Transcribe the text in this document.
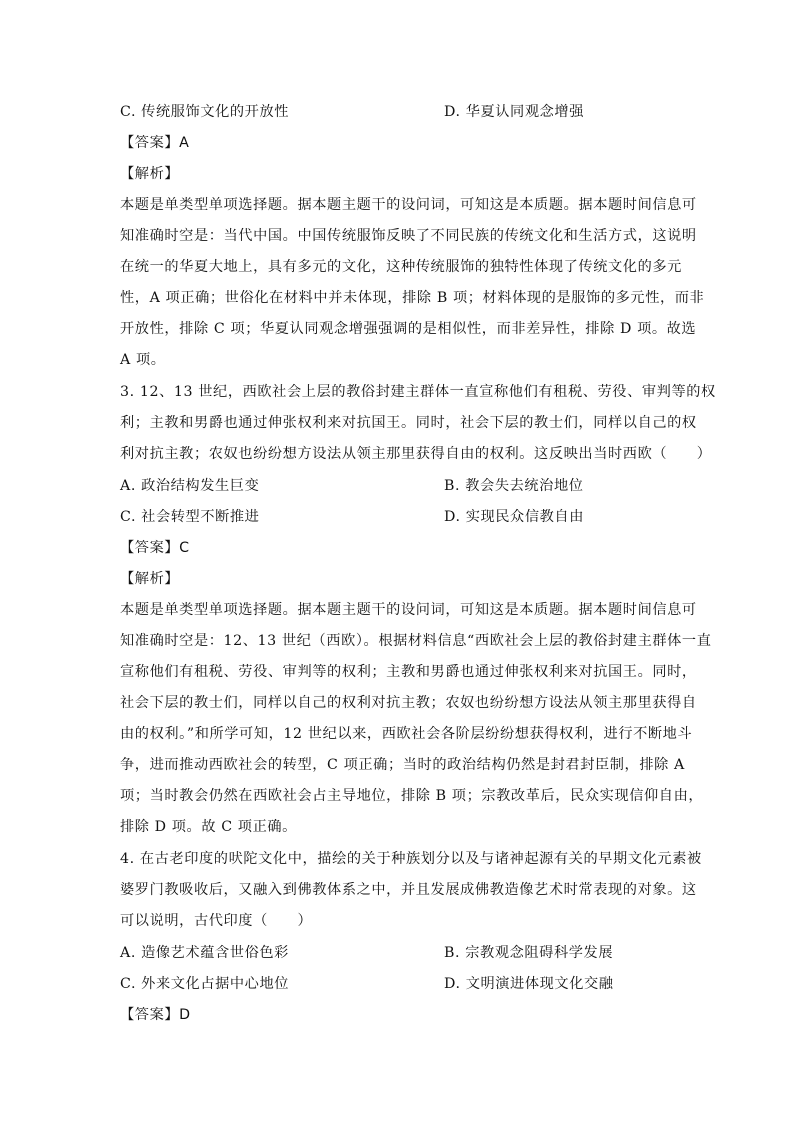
C. 传统服饰文化的开放性	D. 华夏认同观念增强
【答案】A
【解析】
本题是单类型单项选择题。据本题主题干的设问词，可知这是本质题。据本题时间信息可
知准确时空是：当代中国。中国传统服饰反映了不同民族的传统文化和生活方式，这说明
在统一的华夏大地上，具有多元的文化，这种传统服饰的独特性体现了传统文化的多元
性，A 项正确；世俗化在材料中并未体现，排除 B 项；材料体现的是服饰的多元性，而非
开放性，排除 C 项；华夏认同观念增强强调的是相似性，而非差异性，排除 D 项。故选
A 项。
3. 12、13 世纪，西欧社会上层的教俗封建主群体一直宣称他们有租税、劳役、审判等的权
利；主教和男爵也通过伸张权利来对抗国王。同时，社会下层的教士们，同样以自己的权
利对抗主教；农奴也纷纷想方设法从领主那里获得自由的权利。这反映出当时西欧（　　）
A. 政治结构发生巨变	B. 教会失去统治地位
C. 社会转型不断推进	D. 实现民众信教自由
【答案】C
【解析】
本题是单类型单项选择题。据本题主题干的设问词，可知这是本质题。据本题时间信息可
知准确时空是：12、13 世纪（西欧）。根据材料信息“西欧社会上层的教俗封建主群体一直
宣称他们有租税、劳役、审判等的权利；主教和男爵也通过伸张权利来对抗国王。同时，
社会下层的教士们，同样以自己的权利对抗主教；农奴也纷纷想方设法从领主那里获得自
由的权利。”和所学可知，12 世纪以来，西欧社会各阶层纷纷想获得权利，进行不断地斗
争，进而推动西欧社会的转型，C 项正确；当时的政治结构仍然是封君封臣制，排除 A
项；当时教会仍然在西欧社会占主导地位，排除 B 项；宗教改革后，民众实现信仰自由，
排除 D 项。故 C 项正确。
4. 在古老印度的吠陀文化中，描绘的关于种族划分以及与诸神起源有关的早期文化元素被
婆罗门教吸收后，又融入到佛教体系之中，并且发展成佛教造像艺术时常表现的对象。这
可以说明，古代印度（　　）
A. 造像艺术蕴含世俗色彩	B. 宗教观念阻碍科学发展
C. 外来文化占据中心地位	D. 文明演进体现文化交融
【答案】D
